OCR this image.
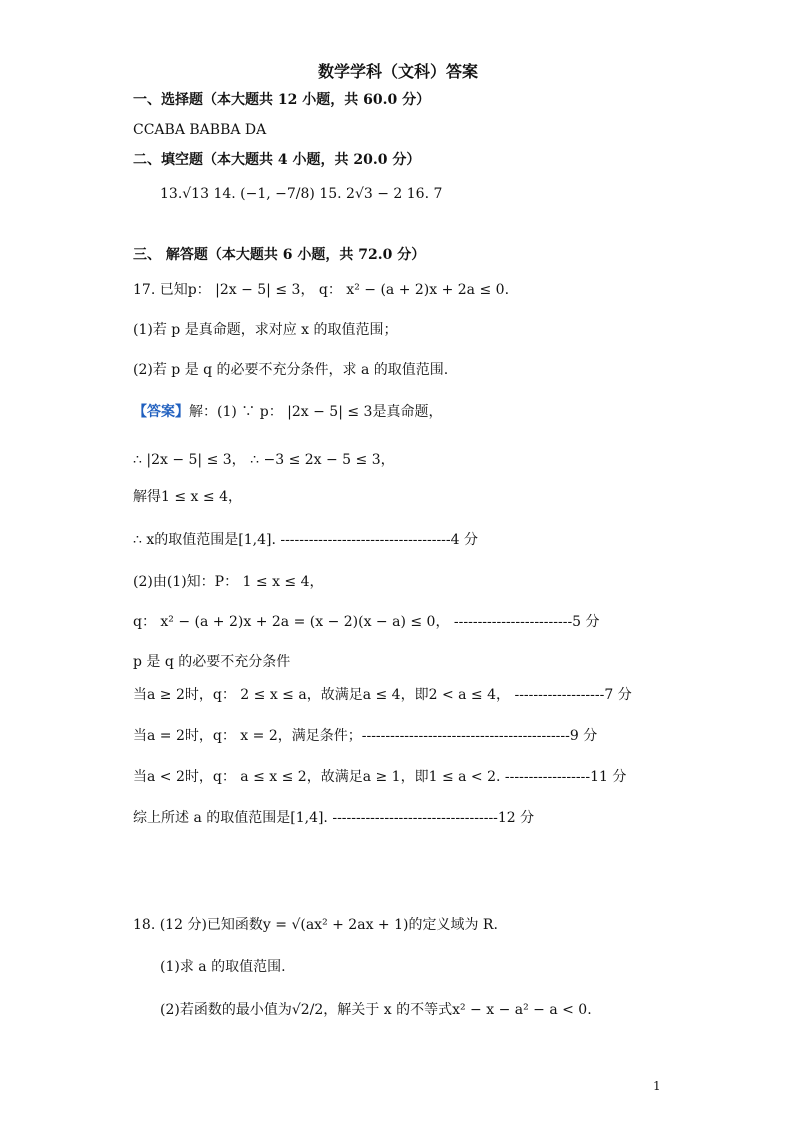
数学学科（文科）答案
一、选择题（本大题共 12 小题，共 60.0 分）
CCABA BABBA DA
二、填空题（本大题共 4 小题，共 20.0 分）
13.√13 14. (−1, −7/8) 15. 2√3 − 2 16. 7
三、 解答题（本大题共 6 小题，共 72.0 分）
17. 已知p： |2x − 5| ≤ 3， q： x² − (a + 2)x + 2a ≤ 0.
(1)若 p 是真命题，求对应 x 的取值范围；
(2)若 p 是 q 的必要不充分条件，求 a 的取值范围.
【答案】解：(1) ∵ p： |2x − 5| ≤ 3是真命题，
∴ |2x − 5| ≤ 3， ∴ −3 ≤ 2x − 5 ≤ 3，
解得1 ≤ x ≤ 4，
∴ x的取值范围是[1,4]. ------------------------------------4 分
(2)由(1)知：P： 1 ≤ x ≤ 4，
q： x² − (a + 2)x + 2a = (x − 2)(x − a) ≤ 0， -------------------------5 分
p 是 q 的必要不充分条件
当a ≥ 2时，q： 2 ≤ x ≤ a，故满足a ≤ 4，即2 < a ≤ 4， -------------------7 分
当a = 2时，q： x = 2，满足条件；--------------------------------------------9 分
当a < 2时，q： a ≤ x ≤ 2，故满足a ≥ 1，即1 ≤ a < 2. ------------------11 分
综上所述 a 的取值范围是[1,4]. -----------------------------------12 分
18. (12 分)已知函数y = √(ax² + 2ax + 1)的定义域为 R.
(1)求 a 的取值范围.
(2)若函数的最小值为√2/2，解关于 x 的不等式x² − x − a² − a < 0.
1
